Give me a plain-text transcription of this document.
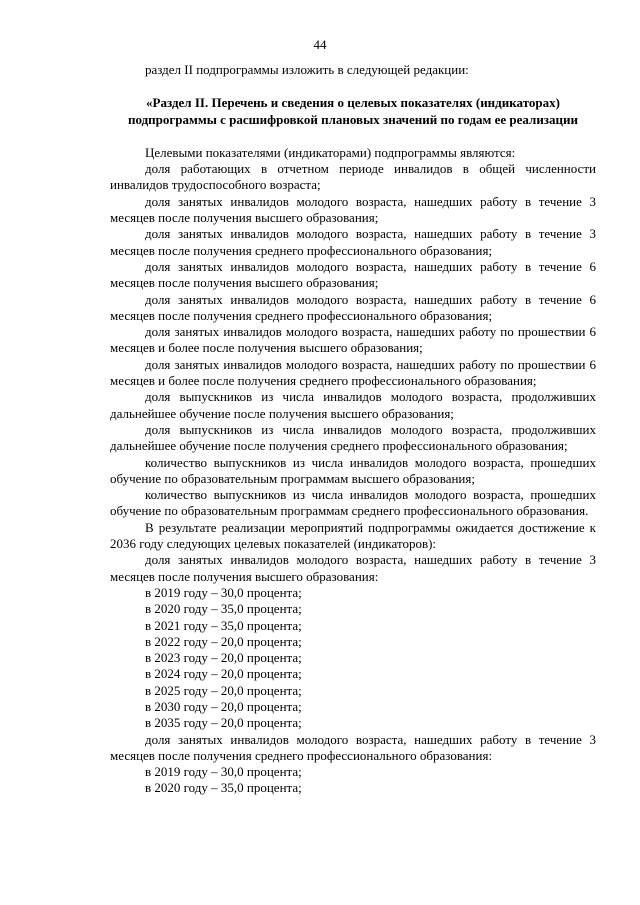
44

раздел II подпрограммы изложить в следующей редакции:

«Раздел II. Перечень и сведения о целевых показателях (индикаторах)
подпрограммы с расшифровкой плановых значений по годам ее реализации

Целевыми показателями (индикаторами) подпрограммы являются:

доля работающих в отчетном периоде инвалидов в общей численности инвалидов трудоспособного возраста;

доля занятых инвалидов молодого возраста, нашедших работу в течение 3 месяцев после получения высшего образования;

доля занятых инвалидов молодого возраста, нашедших работу в течение 3 месяцев после получения среднего профессионального образования;

доля занятых инвалидов молодого возраста, нашедших работу в течение 6 месяцев после получения высшего образования;

доля занятых инвалидов молодого возраста, нашедших работу в течение 6 месяцев после получения среднего профессионального образования;

доля занятых инвалидов молодого возраста, нашедших работу по прошествии 6 месяцев и более после получения высшего образования;

доля занятых инвалидов молодого возраста, нашедших работу по прошествии 6 месяцев и более после получения среднего профессионального образования;

доля выпускников из числа инвалидов молодого возраста, продолживших дальнейшее обучение после получения высшего образования;

доля выпускников из числа инвалидов молодого возраста, продолживших дальнейшее обучение после получения среднего профессионального образования;

количество выпускников из числа инвалидов молодого возраста, прошедших обучение по образовательным программам высшего образования;

количество выпускников из числа инвалидов молодого возраста, прошедших обучение по образовательным программам среднего профессионального образования.

В результате реализации мероприятий подпрограммы ожидается достижение к 2036 году следующих целевых показателей (индикаторов):

доля занятых инвалидов молодого возраста, нашедших работу в течение 3 месяцев после получения высшего образования:

в 2019 году – 30,0 процента;
в 2020 году – 35,0 процента;
в 2021 году – 35,0 процента;
в 2022 году – 20,0 процента;
в 2023 году – 20,0 процента;
в 2024 году – 20,0 процента;
в 2025 году – 20,0 процента;
в 2030 году – 20,0 процента;
в 2035 году – 20,0 процента;

доля занятых инвалидов молодого возраста, нашедших работу в течение 3 месяцев после получения среднего профессионального образования:

в 2019 году – 30,0 процента;
в 2020 году – 35,0 процента;
